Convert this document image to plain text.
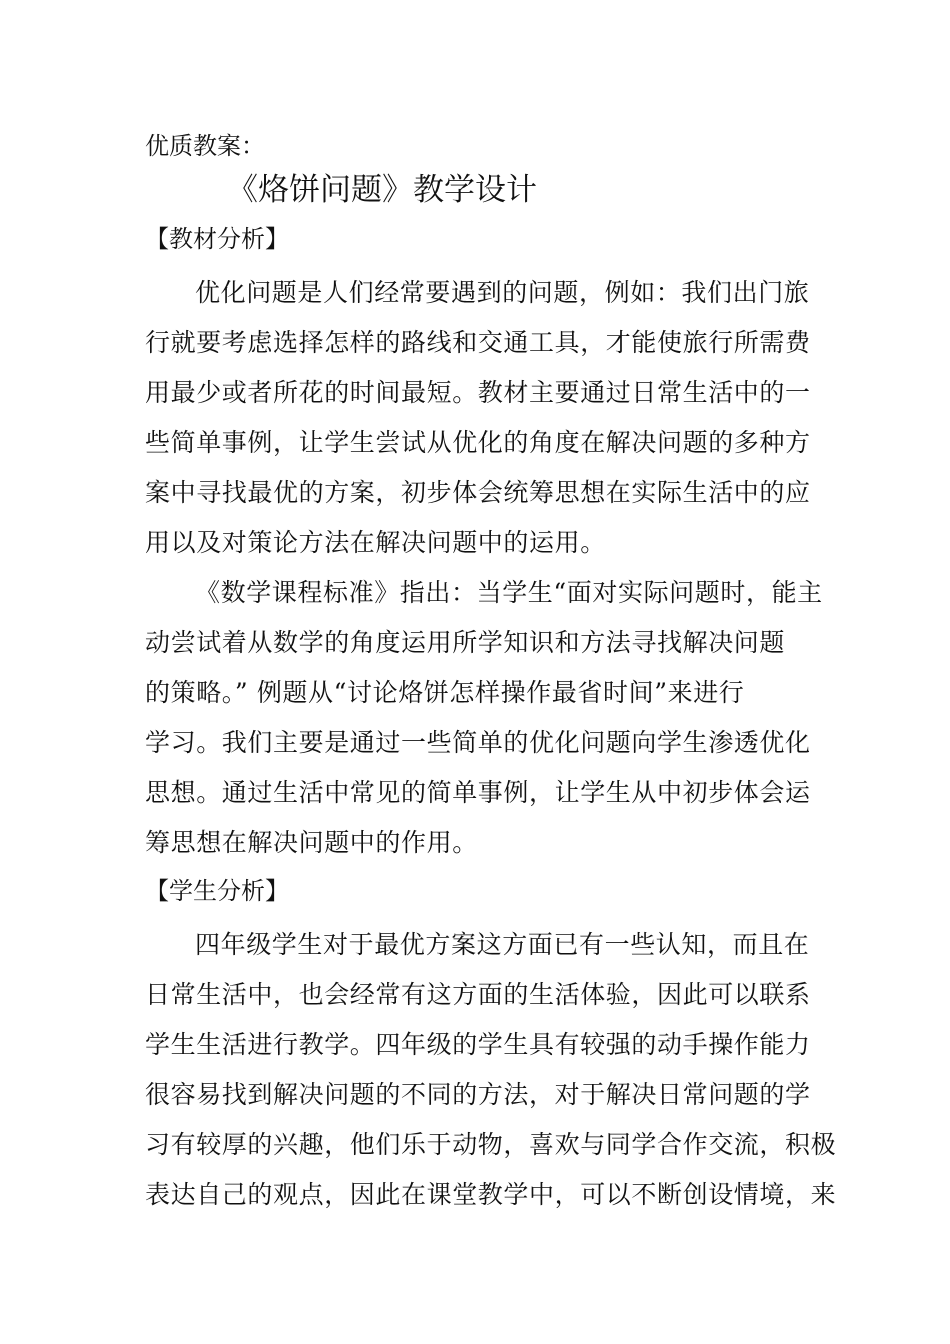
优质教案：
《烙饼问题》教学设计
【教材分析】
优化问题是人们经常要遇到的问题，例如：我们出门旅
行就要考虑选择怎样的路线和交通工具，才能使旅行所需费
用最少或者所花的时间最短。教材主要通过日常生活中的一
些简单事例，让学生尝试从优化的角度在解决问题的多种方
案中寻找最优的方案，初步体会统筹思想在实际生活中的应
用以及对策论方法在解决问题中的运用。
《数学课程标准》指出：当学生“面对实际问题时，能主
动尝试着从数学的角度运用所学知识和方法寻找解决问题
的策略。” 例题从“讨论烙饼怎样操作最省时间”来进行
学习。我们主要是通过一些简单的优化问题向学生渗透优化
思想。通过生活中常见的简单事例，让学生从中初步体会运
筹思想在解决问题中的作用。
【学生分析】
四年级学生对于最优方案这方面已有一些认知，而且在
日常生活中，也会经常有这方面的生活体验，因此可以联系
学生生活进行教学。四年级的学生具有较强的动手操作能力
很容易找到解决问题的不同的方法，对于解决日常问题的学
习有较厚的兴趣，他们乐于动物，喜欢与同学合作交流，积极
表达自己的观点，因此在课堂教学中，可以不断创设情境，来
